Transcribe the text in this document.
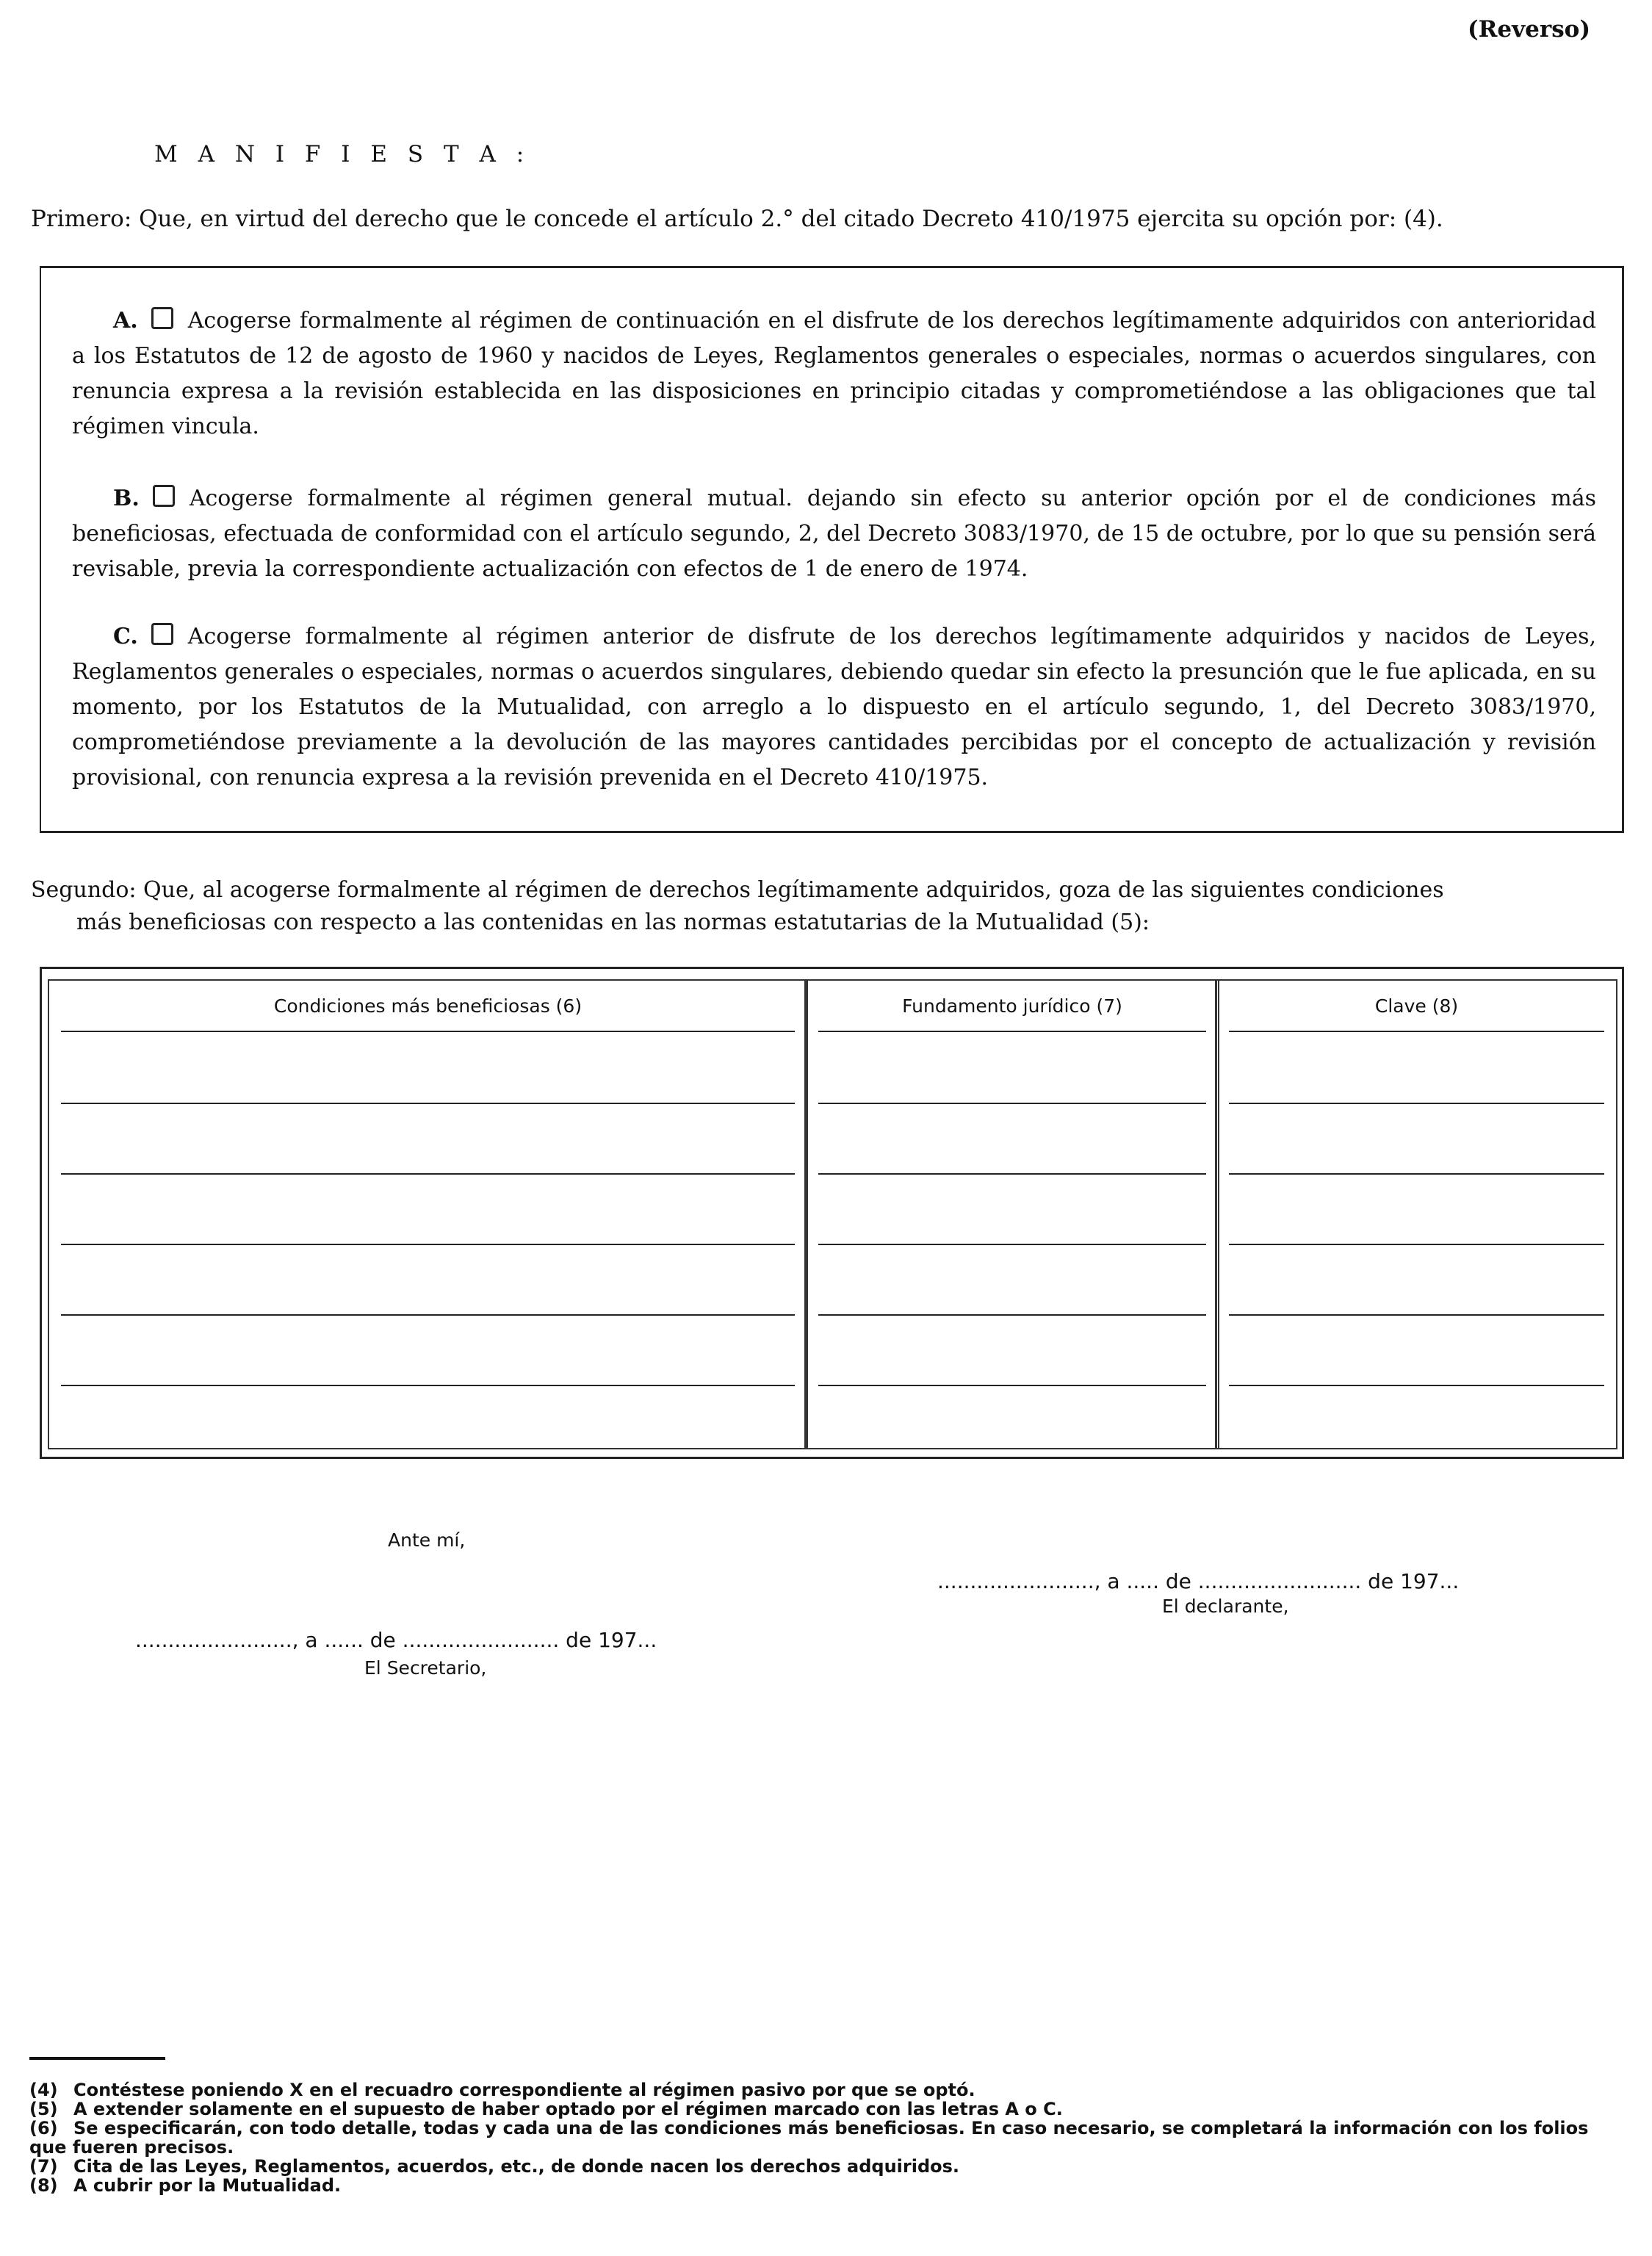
(Reverso)
M A N I F I E S T A :
Primero: Que, en virtud del derecho que le concede el artículo 2.° del citado Decreto 410/1975 ejercita su opción por: (4).
A. Acogerse formalmente al régimen de continuación en el disfrute de los derechos legítimamente adquiridos con anterioridad a los Estatutos de 12 de agosto de 1960 y nacidos de Leyes, Reglamentos generales o especiales, normas o acuerdos singulares, con renuncia expresa a la revisión establecida en las disposiciones en principio citadas y comprometiéndose a las obligaciones que tal régimen vincula.
B. Acogerse formalmente al régimen general mutual. dejando sin efecto su anterior opción por el de condiciones más beneficiosas, efectuada de conformidad con el artículo segundo, 2, del Decreto 3083/1970, de 15 de octubre, por lo que su pensión será revisable, previa la correspondiente actualización con efectos de 1 de enero de 1974.
C. Acogerse formalmente al régimen anterior de disfrute de los derechos legítimamente adquiridos y nacidos de Leyes, Reglamentos generales o especiales, normas o acuerdos singulares, debiendo quedar sin efecto la presunción que le fue aplicada, en su momento, por los Estatutos de la Mutualidad, con arreglo a lo dispuesto en el artículo segundo, 1, del Decreto 3083/1970, comprometiéndose previamente a la devolución de las mayores cantidades percibidas por el concepto de actualización y revisión provisional, con renuncia expresa a la revisión prevenida en el Decreto 410/1975.
Segundo: Que, al acogerse formalmente al régimen de derechos legítimamente adquiridos, goza de las siguientes condiciones
más beneficiosas con respecto a las contenidas en las normas estatutarias de la Mutualidad (5):
Condiciones más beneficiosas (6)	Fundamento jurídico (7)	Clave (8)
Ante mí,
........................, a ..... de ......................... de 197...
El declarante,
........................, a ...... de ........................ de 197...
El Secretario,
(4) Contéstese poniendo X en el recuadro correspondiente al régimen pasivo por que se optó.
(5) A extender solamente en el supuesto de haber optado por el régimen marcado con las letras A o C.
(6) Se especificarán, con todo detalle, todas y cada una de las condiciones más beneficiosas. En caso necesario, se completará la información con los folios que fueren precisos.
(7) Cita de las Leyes, Reglamentos, acuerdos, etc., de donde nacen los derechos adquiridos.
(8) A cubrir por la Mutualidad.
